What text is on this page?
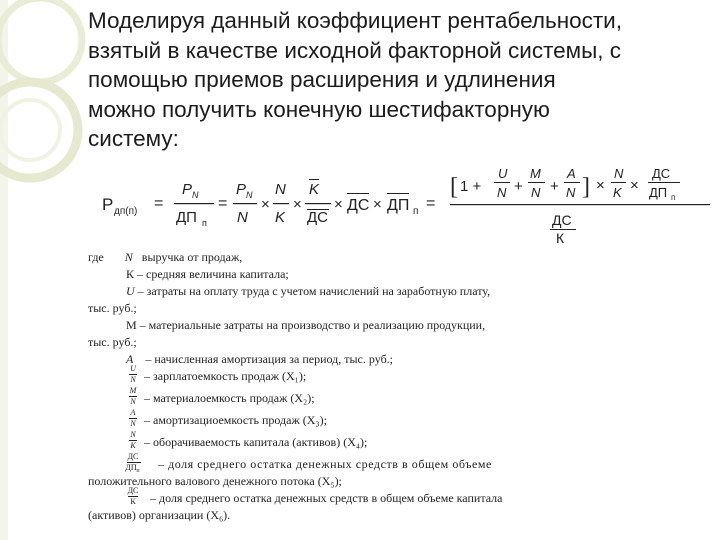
Моделируя данный коэффициент рентабельности,
взятый в качестве исходной факторной системы, с
помощью приемов расширения и удлинения
можно получить конечную шестифакторную
систему:
P дп(п) =
P N
ДП п
=
P N
N
×
N
K
×
K
ДС
× ДС × ДП п =
[ 1 +
U
N +
M
N +
A
N ] ×
N
K ×
ДС
ДП п
ДС
К
где N выручка от продаж,
К – средняя величина капитала;
U – затраты на оплату труда с учетом начислений на заработную плату,
тыс. руб.;
М – материальные затраты на производство и реализацию продукции,
тыс. руб.;
A – начисленная амортизация за период, тыс. руб.;
U
N – зарплатоемкость продаж (X₁);
M
N – материалоемкость продаж (X₂);
A
N – амортизациоемкость продаж (X₃);
N
K – оборачиваемость капитала (активов) (X₄);
ДС
ДП п – доля среднего остатка денежных средств в общем объеме
положительного валового денежного потока (X₅);
ДС
К	– доля среднего остатка денежных средств в общем объеме капитала
(активов) организации (X₆).
